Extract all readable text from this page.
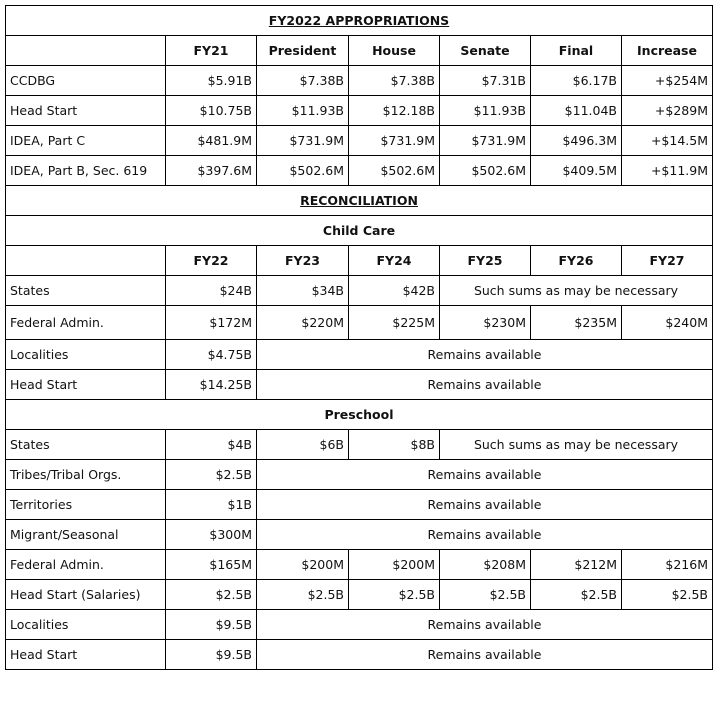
FY2022 APPROPRIATIONS						
	FY21	President	House	Senate	Final	Increase
CCDBG	$5.91B	$7.38B	$7.38B	$7.31B	$6.17B	+$254M
Head Start	$10.75B	$11.93B	$12.18B	$11.93B	$11.04B	+$289M
IDEA, Part C	$481.9M	$731.9M	$731.9M	$731.9M	$496.3M	+$14.5M
IDEA, Part B, Sec. 619	$397.6M	$502.6M	$502.6M	$502.6M	$409.5M	+$11.9M
RECONCILIATION						
Child Care						
	FY22	FY23	FY24	FY25	FY26	FY27
States	$24B	$34B	$42B	Such sums as may be necessary		
Federal Admin.	$172M	$220M	$225M	$230M	$235M	$240M
Localities	$4.75B	Remains available				
Head Start	$14.25B	Remains available				
Preschool						
States	$4B	$6B	$8B	Such sums as may be necessary		
Tribes/Tribal Orgs.	$2.5B	Remains available				
Territories	$1B	Remains available				
Migrant/Seasonal	$300M	Remains available				
Federal Admin.	$165M	$200M	$200M	$208M	$212M	$216M
Head Start (Salaries)	$2.5B	$2.5B	$2.5B	$2.5B	$2.5B	$2.5B
Localities	$9.5B	Remains available				
Head Start	$9.5B	Remains available				
